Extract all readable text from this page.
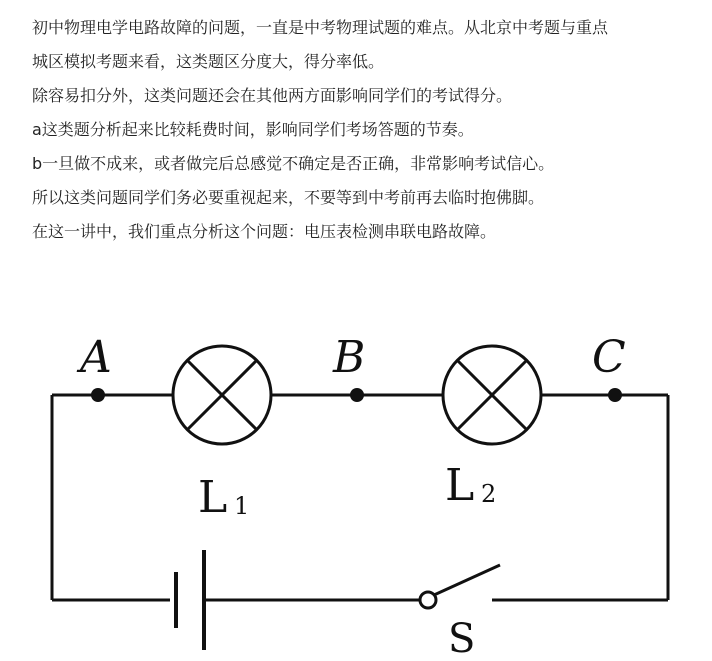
初中物理电学电路故障的问题，一直是中考物理试题的难点。从北京中考题与重点

城区模拟考题来看，这类题区分度大，得分率低。

除容易扣分外，这类问题还会在其他两方面影响同学们的考试得分。

a这类题分析起来比较耗费时间，影响同学们考场答题的节奏。

b一旦做不成来，或者做完后总感觉不确定是否正确，非常影响考试信心。

所以这类问题同学们务必要重视起来，不要等到中考前再去临时抱佛脚。

在这一讲中，我们重点分析这个问题：电压表检测串联电路故障。

A	B	C
L 1	L 2
S
